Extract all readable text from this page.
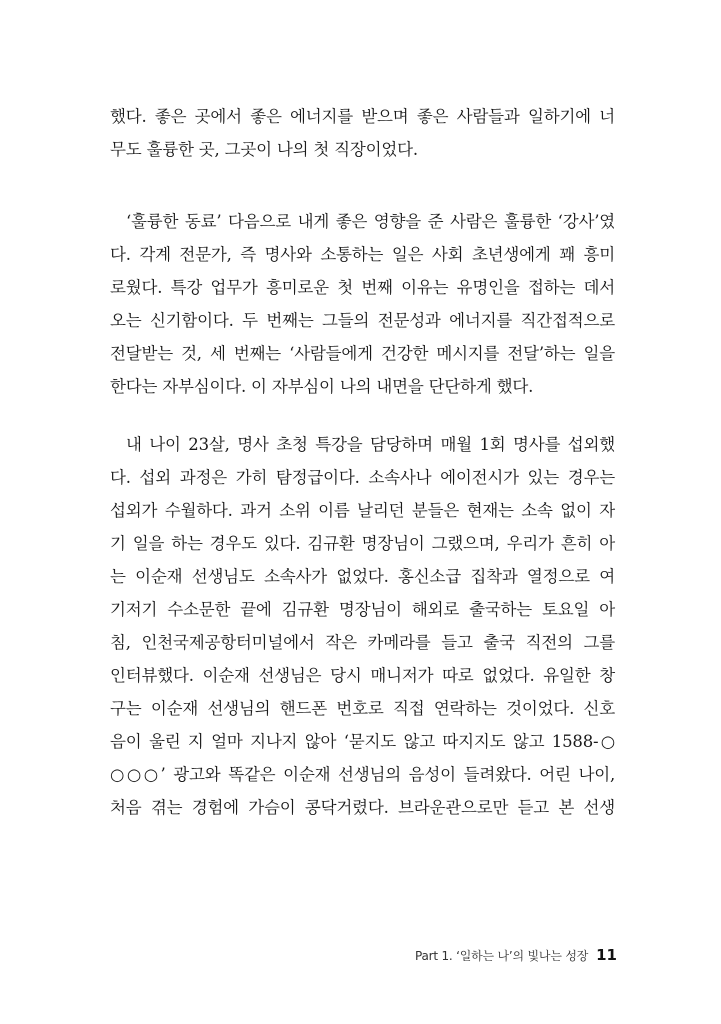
했다. 좋은 곳에서 좋은 에너지를 받으며 좋은 사람들과 일하기에 너
무도 훌륭한 곳, 그곳이 나의 첫 직장이었다.
‘훌륭한 동료’ 다음으로 내게 좋은 영향을 준 사람은 훌륭한 ‘강사’였
다. 각계 전문가, 즉 명사와 소통하는 일은 사회 초년생에게 꽤 흥미
로웠다. 특강 업무가 흥미로운 첫 번째 이유는 유명인을 접하는 데서
오는 신기함이다. 두 번째는 그들의 전문성과 에너지를 직간접적으로
전달받는 것, 세 번째는 ‘사람들에게 건강한 메시지를 전달’하는 일을
한다는 자부심이다. 이 자부심이 나의 내면을 단단하게 했다.
내 나이 23살, 명사 초청 특강을 담당하며 매월 1회 명사를 섭외했
다. 섭외 과정은 가히 탐정급이다. 소속사나 에이전시가 있는 경우는
섭외가 수월하다. 과거 소위 이름 날리던 분들은 현재는 소속 없이 자
기 일을 하는 경우도 있다. 김규환 명장님이 그랬으며, 우리가 흔히 아
는 이순재 선생님도 소속사가 없었다. 홍신소급 집착과 열정으로 여
기저기 수소문한 끝에 김규환 명장님이 해외로 출국하는 토요일 아
침, 인천국제공항터미널에서 작은 카메라를 들고 출국 직전의 그를
인터뷰했다. 이순재 선생님은 당시 매니저가 따로 없었다. 유일한 창
구는 이순재 선생님의 핸드폰 번호로 직접 연락하는 것이었다. 신호
음이 울린 지 얼마 지나지 않아 ‘묻지도 않고 따지지도 않고 1588-○
○○○’ 광고와 똑같은 이순재 선생님의 음성이 들려왔다. 어린 나이,
처음 겪는 경험에 가슴이 콩닥거렸다. 브라운관으로만 듣고 본 선생
Part 1. ‘일하는 나’의 빛나는 성장 11
